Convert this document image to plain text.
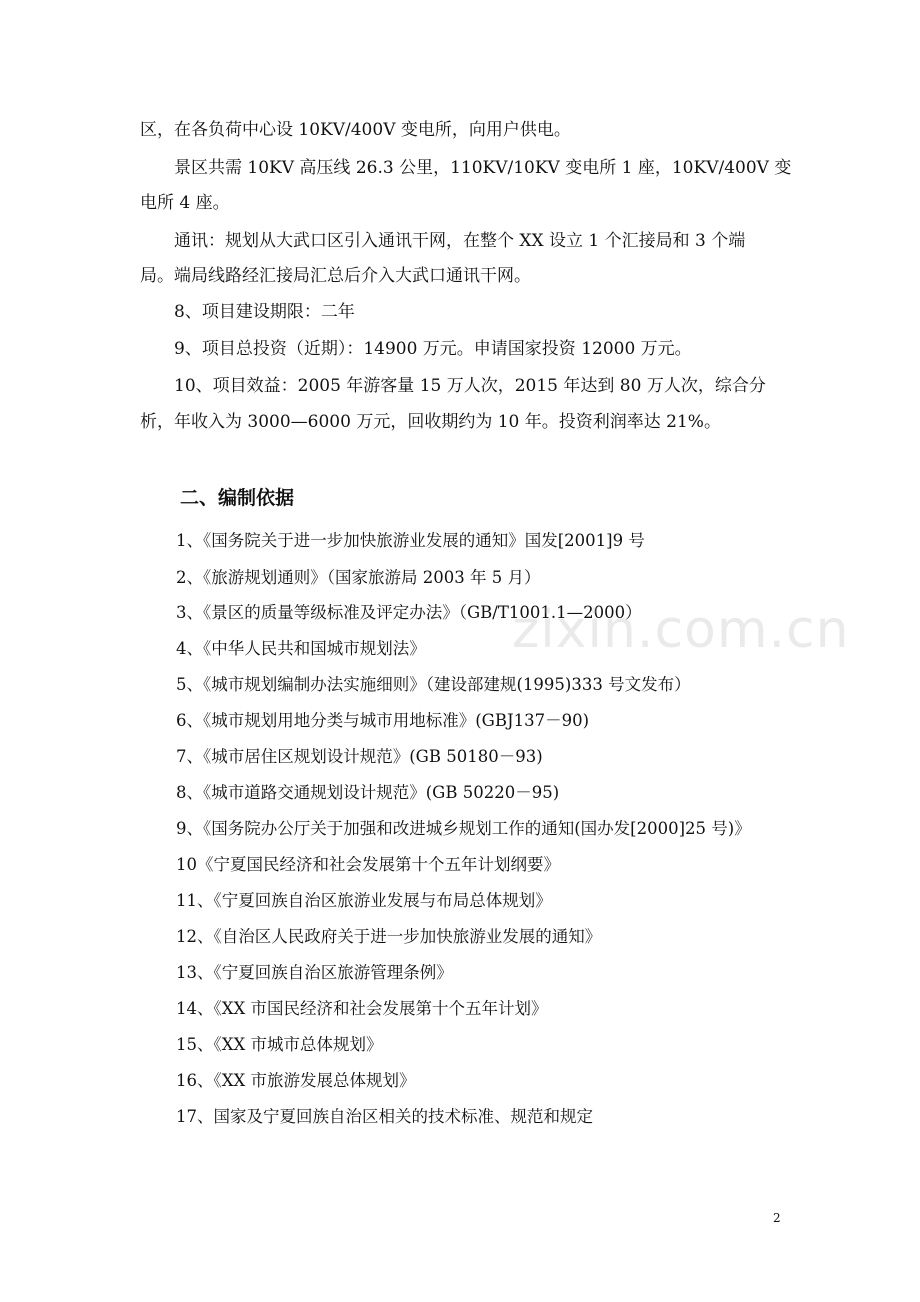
区，在各负荷中心设 10KV/400V 变电所，向用户供电。
景区共需 10KV 高压线 26.3 公里，110KV/10KV 变电所 1 座，10KV/400V 变
电所 4 座。
通讯：规划从大武口区引入通讯干网，在整个 XX 设立 1 个汇接局和 3 个端
局。端局线路经汇接局汇总后介入大武口通讯干网。
8、项目建设期限：二年
9、项目总投资（近期）：14900 万元。申请国家投资 12000 万元。
10、项目效益：2005 年游客量 15 万人次，2015 年达到 80 万人次，综合分
析，年收入为 3000—6000 万元，回收期约为 10 年。投资利润率达 21%。
二、编制依据
1、《国务院关于进一步加快旅游业发展的通知》国发[2001]9 号
2、《旅游规划通则》（国家旅游局 2003 年 5 月）
3、《景区的质量等级标准及评定办法》（GB/T1001.1—2000）
4、《中华人民共和国城市规划法》
5、《城市规划编制办法实施细则》（建设部建规(1995)333 号文发布）
6、《城市规划用地分类与城市用地标准》(GBJ137－90)
7、《城市居住区规划设计规范》(GB 50180－93)
8、《城市道路交通规划设计规范》(GB 50220－95)
9、《国务院办公厅关于加强和改进城乡规划工作的通知(国办发[2000]25 号)》
10《宁夏国民经济和社会发展第十个五年计划纲要》
11、《宁夏回族自治区旅游业发展与布局总体规划》
12、《自治区人民政府关于进一步加快旅游业发展的通知》
13、《宁夏回族自治区旅游管理条例》
14、《XX 市国民经济和社会发展第十个五年计划》
15、《XX 市城市总体规划》
16、《XX 市旅游发展总体规划》
17、国家及宁夏回族自治区相关的技术标准、规范和规定
zixin.com.cn
2
